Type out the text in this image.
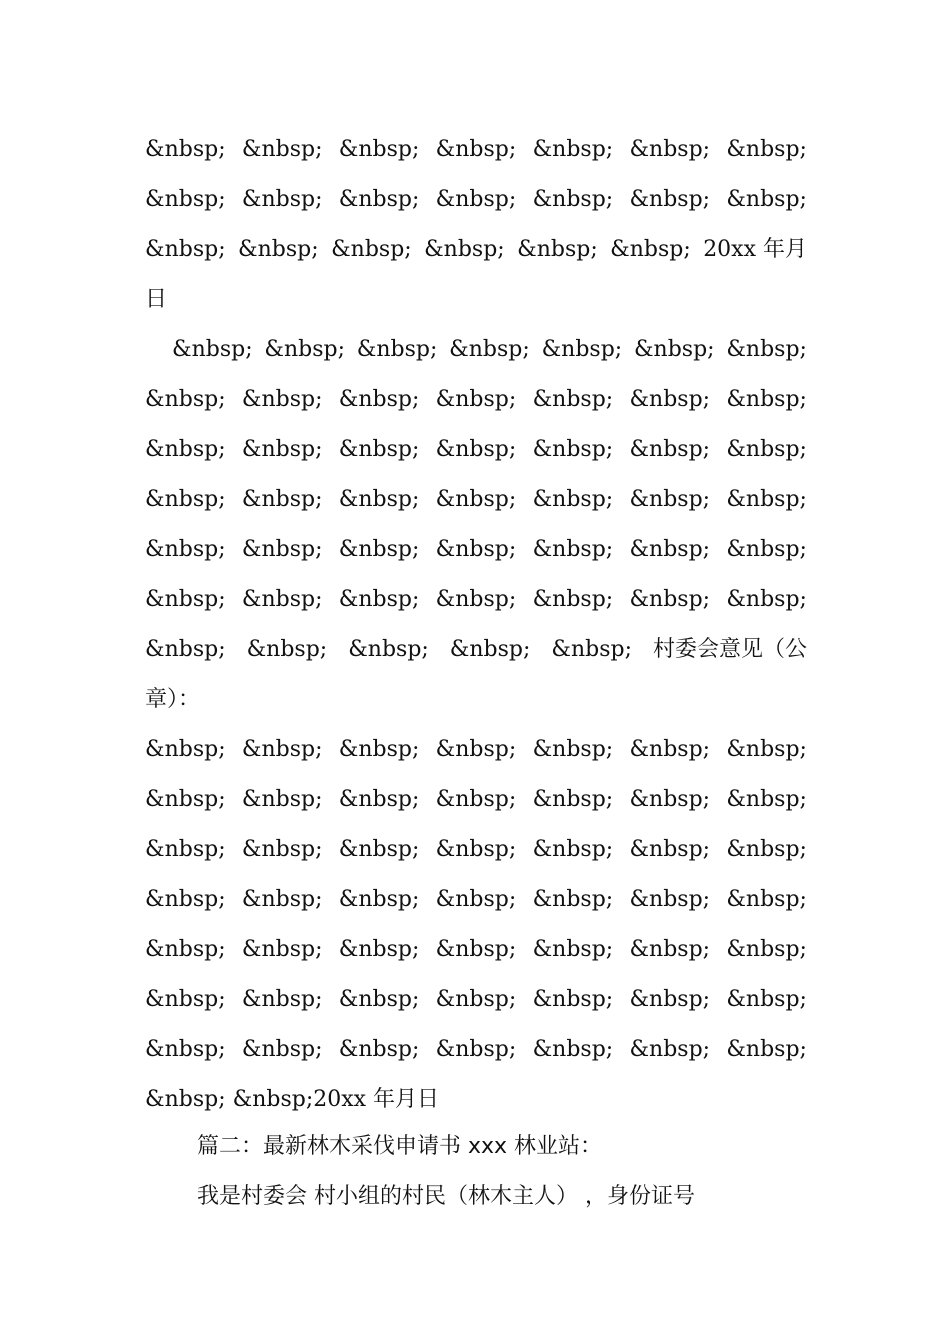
&nbsp; &nbsp; &nbsp; &nbsp; &nbsp; &nbsp; &nbsp;
&nbsp; &nbsp; &nbsp; &nbsp; &nbsp; &nbsp; &nbsp;
&nbsp; &nbsp; &nbsp; &nbsp; &nbsp; &nbsp; 20xx 年月
日
&nbsp; &nbsp; &nbsp; &nbsp; &nbsp; &nbsp; &nbsp;
&nbsp; &nbsp; &nbsp; &nbsp; &nbsp; &nbsp; &nbsp;
&nbsp; &nbsp; &nbsp; &nbsp; &nbsp; &nbsp; &nbsp;
&nbsp; &nbsp; &nbsp; &nbsp; &nbsp; &nbsp; &nbsp;
&nbsp; &nbsp; &nbsp; &nbsp; &nbsp; &nbsp; &nbsp;
&nbsp; &nbsp; &nbsp; &nbsp; &nbsp; &nbsp; &nbsp;
&nbsp; &nbsp; &nbsp; &nbsp; &nbsp; 村委会意见（公
章）：
&nbsp; &nbsp; &nbsp; &nbsp; &nbsp; &nbsp; &nbsp;
&nbsp; &nbsp; &nbsp; &nbsp; &nbsp; &nbsp; &nbsp;
&nbsp; &nbsp; &nbsp; &nbsp; &nbsp; &nbsp; &nbsp;
&nbsp; &nbsp; &nbsp; &nbsp; &nbsp; &nbsp; &nbsp;
&nbsp; &nbsp; &nbsp; &nbsp; &nbsp; &nbsp; &nbsp;
&nbsp; &nbsp; &nbsp; &nbsp; &nbsp; &nbsp; &nbsp;
&nbsp; &nbsp; &nbsp; &nbsp; &nbsp; &nbsp; &nbsp;
&nbsp; &nbsp;20xx 年月日
篇二：最新林木采伐申请书 xxx 林业站：
我是村委会 村小组的村民（林木主人） ，身份证号
